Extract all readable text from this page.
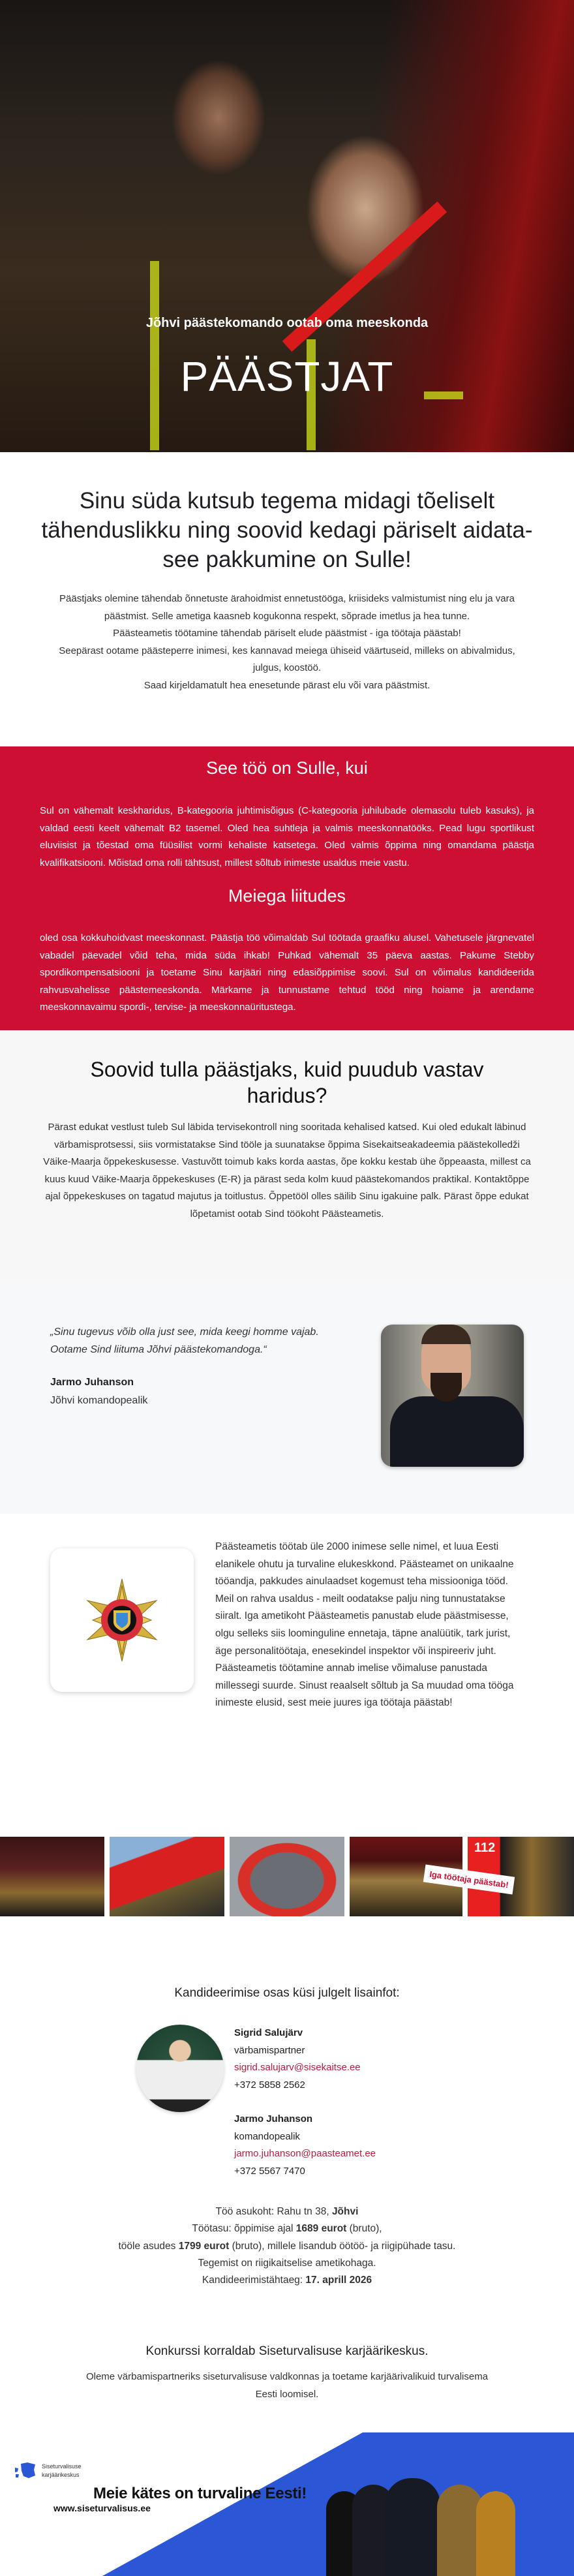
Jõhvi päästekomando ootab oma meeskonda
PÄÄSTJAT
Sinu süda kutsub tegema midagi tõeliselt tähenduslikku ning soovid kedagi päriselt aidata- see pakkumine on Sulle!

Päästjaks olemine tähendab õnnetuste ärahoidmist ennetustööga, kriisideks valmistumist ning elu ja vara päästmist. Selle ametiga kaasneb kogukonna respekt, sõprade imetlus ja hea tunne.
Päästeametis töötamine tähendab päriselt elude päästmist - iga töötaja päästab!
Seepärast ootame päästeperre inimesi, kes kannavad meiega ühiseid väärtuseid, milleks on abivalmidus, julgus, koostöö.
Saad kirjeldamatult hea enesetunde pärast elu või vara päästmist.

See töö on Sulle, kui

Sul on vähemalt keskharidus, B-kategooria juhtimisõigus (C-kategooria juhilubade olemasolu tuleb kasuks), ja valdad eesti keelt vähemalt B2 tasemel. Oled hea suhtleja ja valmis meeskonnatööks. Pead lugu sportlikust eluviisist ja tõestad oma füüsilist vormi kehaliste katsetega. Oled valmis õppima ning omandama päästja kvalifikatsiooni. Mõistad oma rolli tähtsust, millest sõltub inimeste usaldus meie vastu.

Meiega liitudes

oled osa kokkuhoidvast meeskonnast. Päästja töö võimaldab Sul töötada graafiku alusel. Vahetusele järgnevatel vabadel päevadel võid teha, mida süda ihkab! Puhkad vähemalt 35 päeva aastas. Pakume Stebby spordikompensatsiooni ja toetame Sinu karjääri ning edasiõppimise soovi. Sul on võimalus kandideerida rahvusvahelisse päästemeeskonda. Märkame ja tunnustame tehtud tööd ning hoiame ja arendame meeskonnavaimu spordi-, tervise- ja meeskonnaüritustega.

Soovid tulla päästjaks, kuid puudub vastav haridus?

Pärast edukat vestlust tuleb Sul läbida tervisekontroll ning sooritada kehalised katsed. Kui oled edukalt läbinud värbamisprotsessi, siis vormistatakse Sind tööle ja suunatakse õppima Sisekaitseakadeemia päästekolledži Väike-Maarja õppekeskusesse. Vastuvõtt toimub kaks korda aastas, õpe kokku kestab ühe õppeaasta, millest ca kuus kuud Väike-Maarja õppekeskuses (E-R) ja pärast seda kolm kuud päästekomandos praktikal. Kontaktõppe ajal õppekeskuses on tagatud majutus ja toitlustus. Õppetööl olles säilib Sinu igakuine palk. Pärast õppe edukat lõpetamist ootab Sind töökoht Päästeametis.

„Sinu tugevus võib olla just see, mida keegi homme vajab. Ootame Sind liituma Jõhvi päästekomandoga.“
Jarmo Juhanson
Jõhvi komandopealik

Päästeametis töötab üle 2000 inimese selle nimel, et luua Eesti elanikele ohutu ja turvaline elukeskkond. Päästeamet on unikaalne tööandja, pakkudes ainulaadset kogemust teha missiooniga tööd. Meil on rahva usaldus - meilt oodatakse palju ning tunnustatakse siiralt. Iga ametikoht Päästeametis panustab elude päästmisesse, olgu selleks siis loominguline ennetaja, täpne analüütik, tark jurist, äge personalitöötaja, enesekindel inspektor või inspireeriv juht. Päästeametis töötamine annab imelise võimaluse panustada millessegi suurde. Sinust reaalselt sõltub ja Sa muudad oma tööga inimeste elusid, sest meie juures iga töötaja päästab!

112
Iga töötaja päästab!
Kandideerimise osas küsi julgelt lisainfot:
Sigrid Salujärv
värbamispartner
sigrid.salujarv@sisekaitse.ee
+372 5858 2562
Jarmo Juhanson
komandopealik
jarmo.juhanson@paasteamet.ee
+372 5567 7470
Töö asukoht: Rahu tn 38, Jõhvi
Töötasu: õppimise ajal 1689 eurot (bruto),
tööle asudes 1799 eurot (bruto), millele lisandub öötöö- ja riigipühade tasu.
Tegemist on riigikaitselise ametikohaga.
Kandideerimistähtaeg: 17. aprill 2026
Konkurssi korraldab Siseturvalisuse karjäärikeskus.

Oleme värbamispartneriks siseturvalisuse valdkonnas ja toetame karjäärivalikuid turvalisema
Eesti loomisel.

Siseturvalisuse
karjäärikeskus
Meie kätes on turvaline Eesti!
www.siseturvalisus.ee
